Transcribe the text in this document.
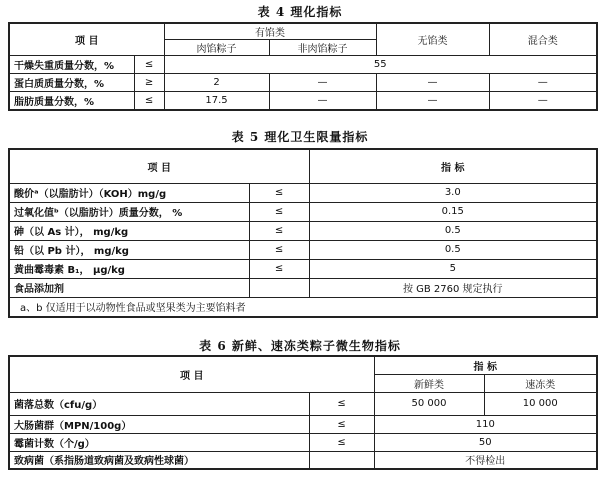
表 4 理化指标
项 目		有馅类		无馅类	混合类
		肉馅粽子	非肉馅粽子		
干燥失重质量分数，%	≤	55			
蛋白质质量分数，%	≥	2	—	—	—
脂肪质量分数，%	≤	17.5	—	—	—
表 5 理化卫生限量指标
项 目		指 标
酸价ᵃ（以脂肪计）（KOH）mg/g	≤	3.0
过氧化值ᵇ（以脂肪计）质量分数， %	≤	0.15
砷（以 As 计）， mg/kg	≤	0.5
铅（以 Pb 计）， mg/kg	≤	0.5
黄曲霉毒素 B₁， μg/kg	≤	5
食品添加剂		按 GB 2760 规定执行
a、b 仅适用于以动物性食品或坚果类为主要馅料者		
表 6 新鲜、速冻类粽子微生物指标
项 目		指 标	
		新鲜类	速冻类
菌落总数（cfu/g）	≤	50 000	10 000
大肠菌群（MPN/100g）	≤	110	
霉菌计数（个/g）	≤	50	
致病菌（系指肠道致病菌及致病性球菌）		不得检出	
